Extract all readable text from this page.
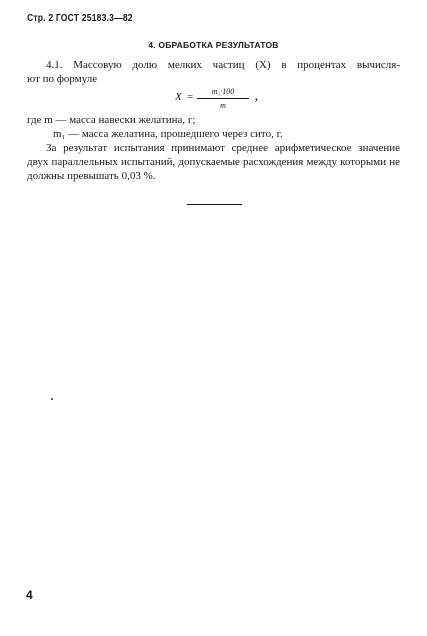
Стр. 2 ГОСТ 25183.3—82
4. ОБРАБОТКА РЕЗУЛЬТАТОВ
4.1. Массовую долю мелких частиц (X) в процентах вычисля-
ют по формуле
X =	m₁·100
m
,
где m — масса навески желатина, г;
m₁ — масса желатина, прошедшего через сито, г.
За результат испытания принимают среднее арифметическое значение двух параллельных испытаний, допускаемые расхождения между которыми не должны превышать 0,03 %.
4
